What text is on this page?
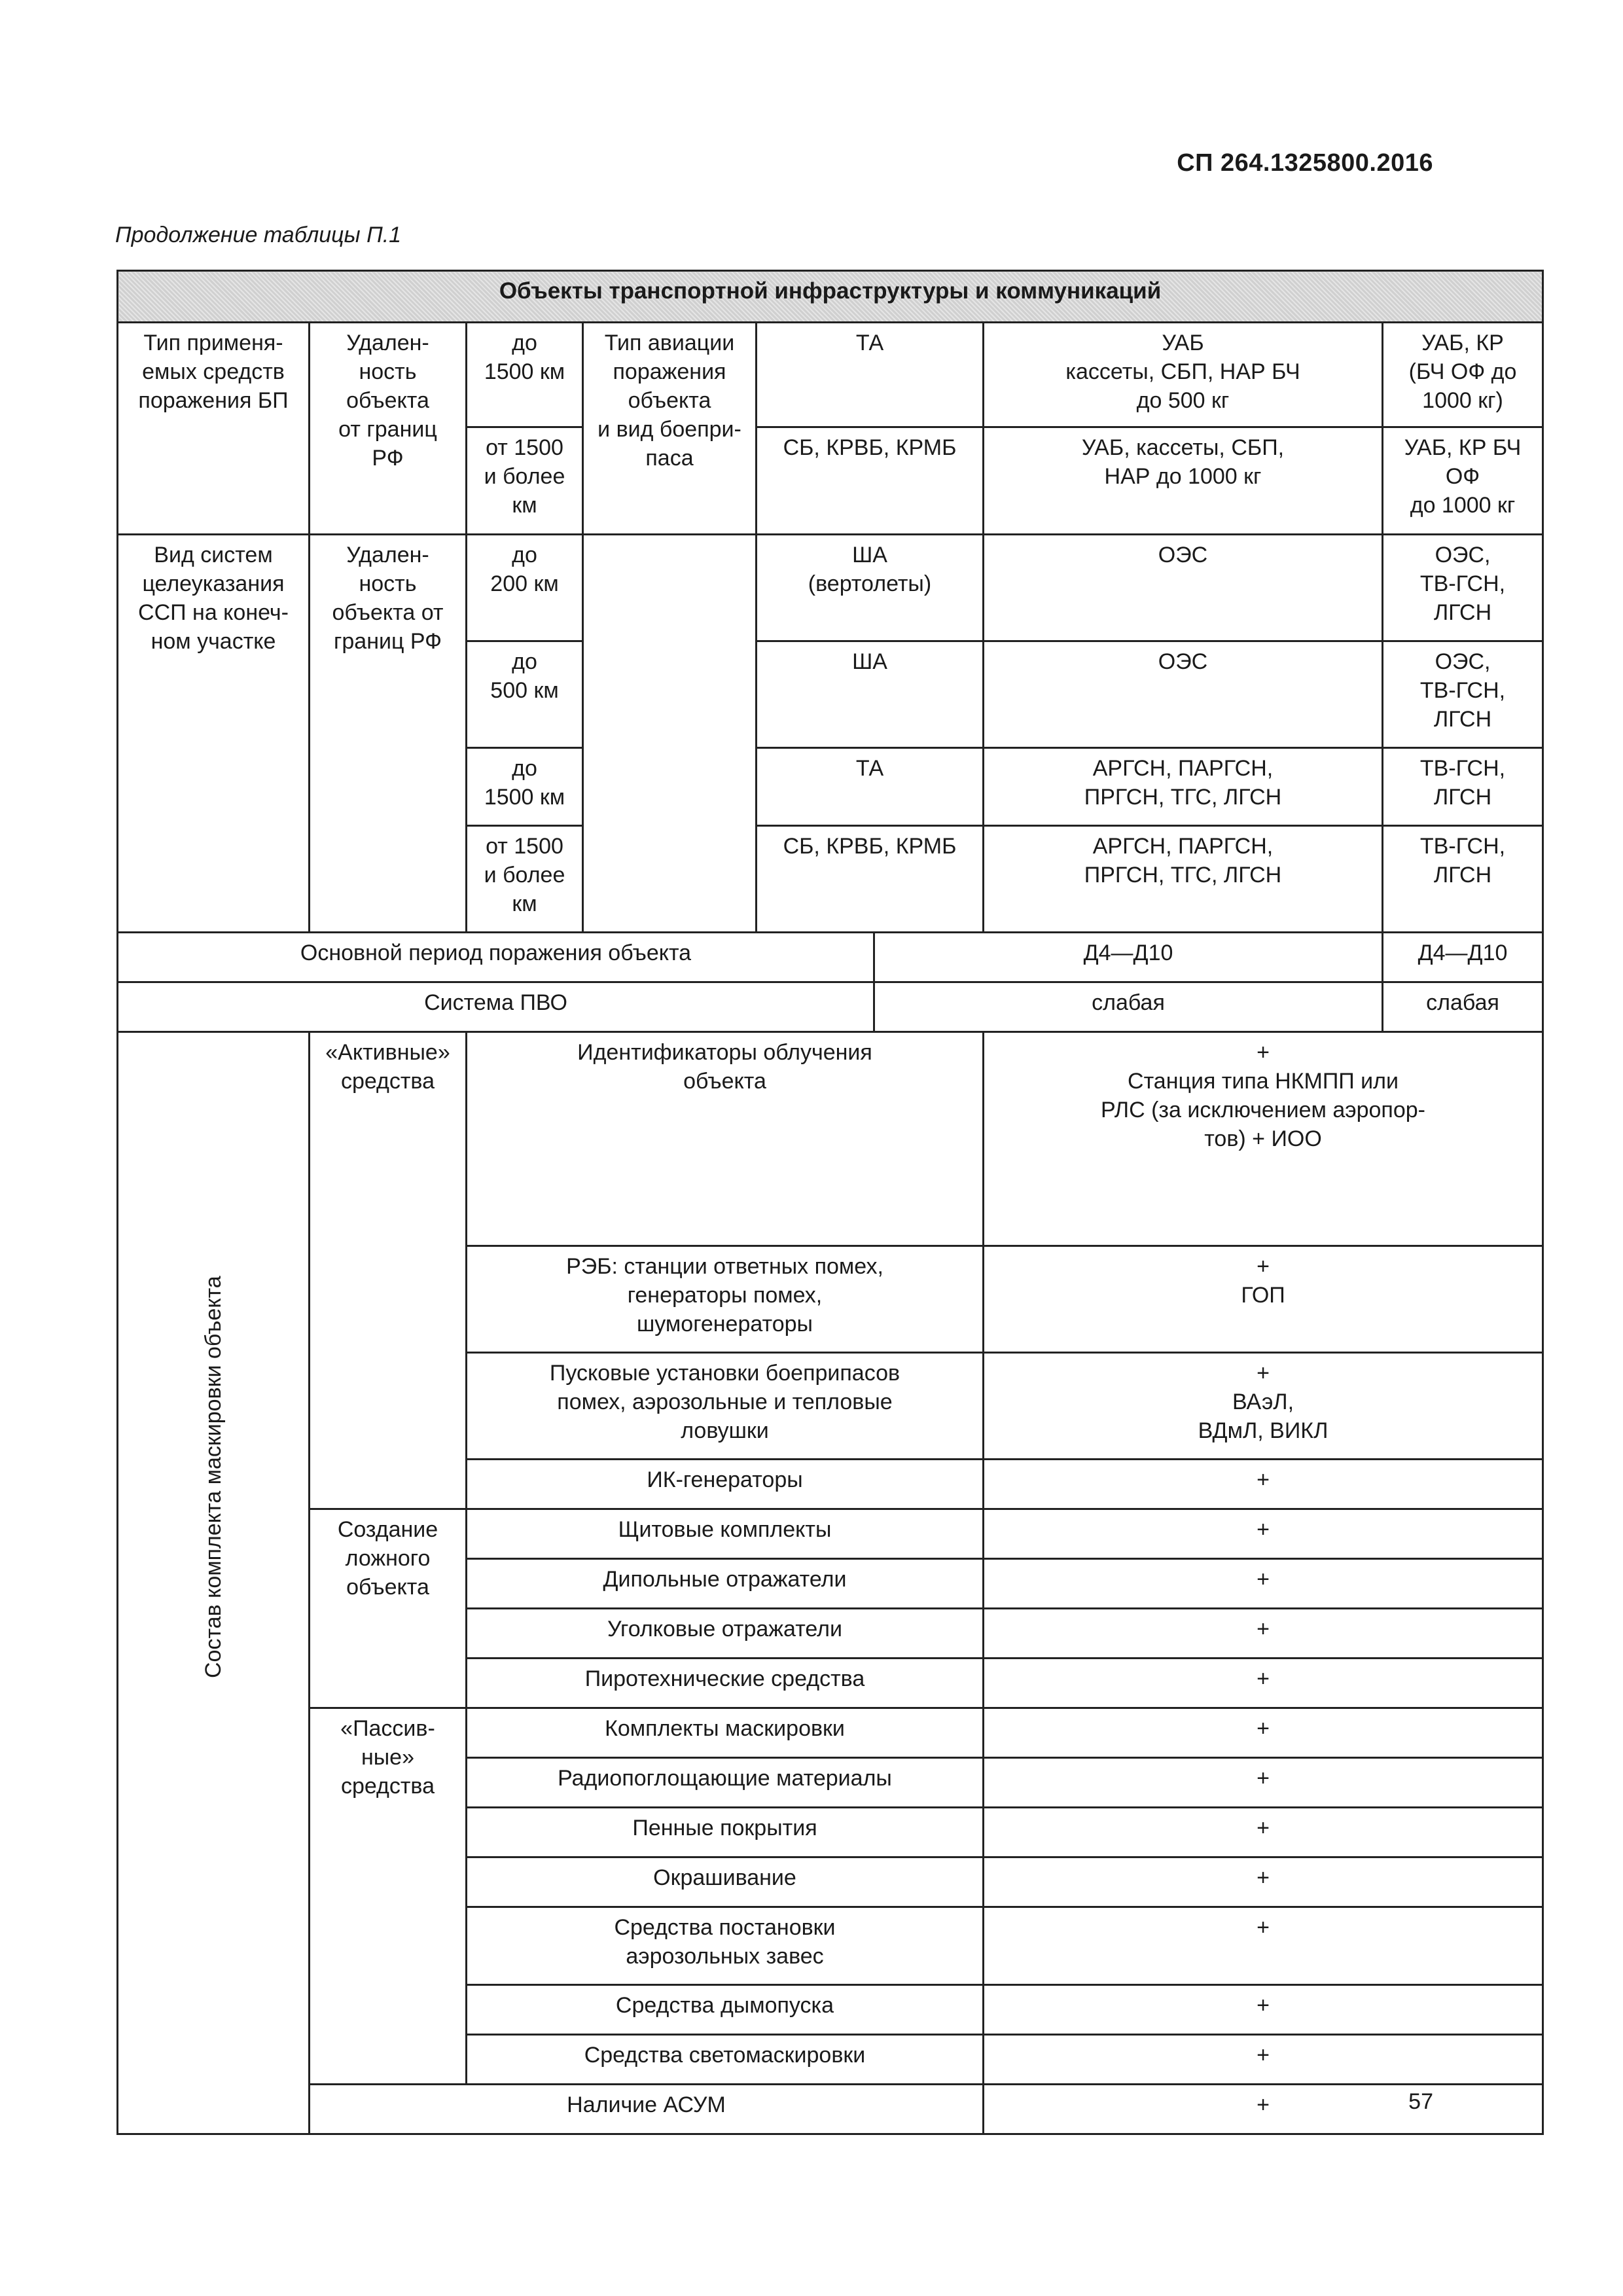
СП 264.1325800.2016
Продолжение таблицы П.1
Объекты транспортной инфраструктуры и коммуникаций								

Тип применя-
емых средств
поражения БП	Удален-
ность
объекта
от границ
РФ	до
1500 км	Тип авиации
поражения
объекта
и вид боепри-
паса	ТА		УАБ
кассеты, СБП, НАР БЧ
до 500 кг	УАБ, КР
(БЧ ОФ до
1000 кг)	

		от 1500
и более
км		СБ, КРВБ, КРМБ		УАБ, кассеты, СБП,
НАР до 1000 кг	УАБ, КР БЧ
ОФ
до 1000 кг	

Вид систем
целеуказания
ССП на конеч-
ном участке	Удален-
ность
объекта от
границ РФ	до
200 км		ША
(вертолеты)		ОЭС	ОЭС,
ТВ-ГСН,
ЛГСН	

		до
500 км		ША		ОЭС	ОЭС,
ТВ-ГСН,
ЛГСН	

		до
1500 км		ТА		АРГСН, ПАРГСН,
ПРГСН, ТГС, ЛГСН	ТВ-ГСН,
ЛГСН	

		от 1500
и более
км		СБ, КРВБ, КРМБ		АРГСН, ПАРГСН,
ПРГСН, ТГС, ЛГСН	ТВ-ГСН,
ЛГСН	

Основной период поражения объекта					Д4—Д10		Д4—Д10	
Система ПВО					слабая		слабая	

Состав комплекта маскировки объекта	«Активные»
средства	Идентификаторы облучения
объекта				+
Станция типа НКМПП или
РЛС (за исключением аэропор-
тов) + ИОО

		РЭБ: станции ответных помех,
генераторы помех,
шумогенераторы				+
ГОП

		Пусковые установки боеприпасов
помех, аэрозольные и тепловые
ловушки				+
ВАэЛ,
ВДмЛ, ВИКЛ

		ИК-генераторы				+

	Создание
ложного
объекта	Щитовые комплекты				+

		Дипольные отражатели				+

		Уголковые отражатели				+

		Пиротехнические средства				+

	«Пассив-
ные»
средства	Комплекты маскировки				+

		Радиопоглощающие материалы				+

		Пенные покрытия				+

		Окрашивание				+

		Средства постановки
аэрозольных завес				+

		Средства дымопуска				+

		Средства светомаскировки				+

	Наличие АСУМ					+		57
